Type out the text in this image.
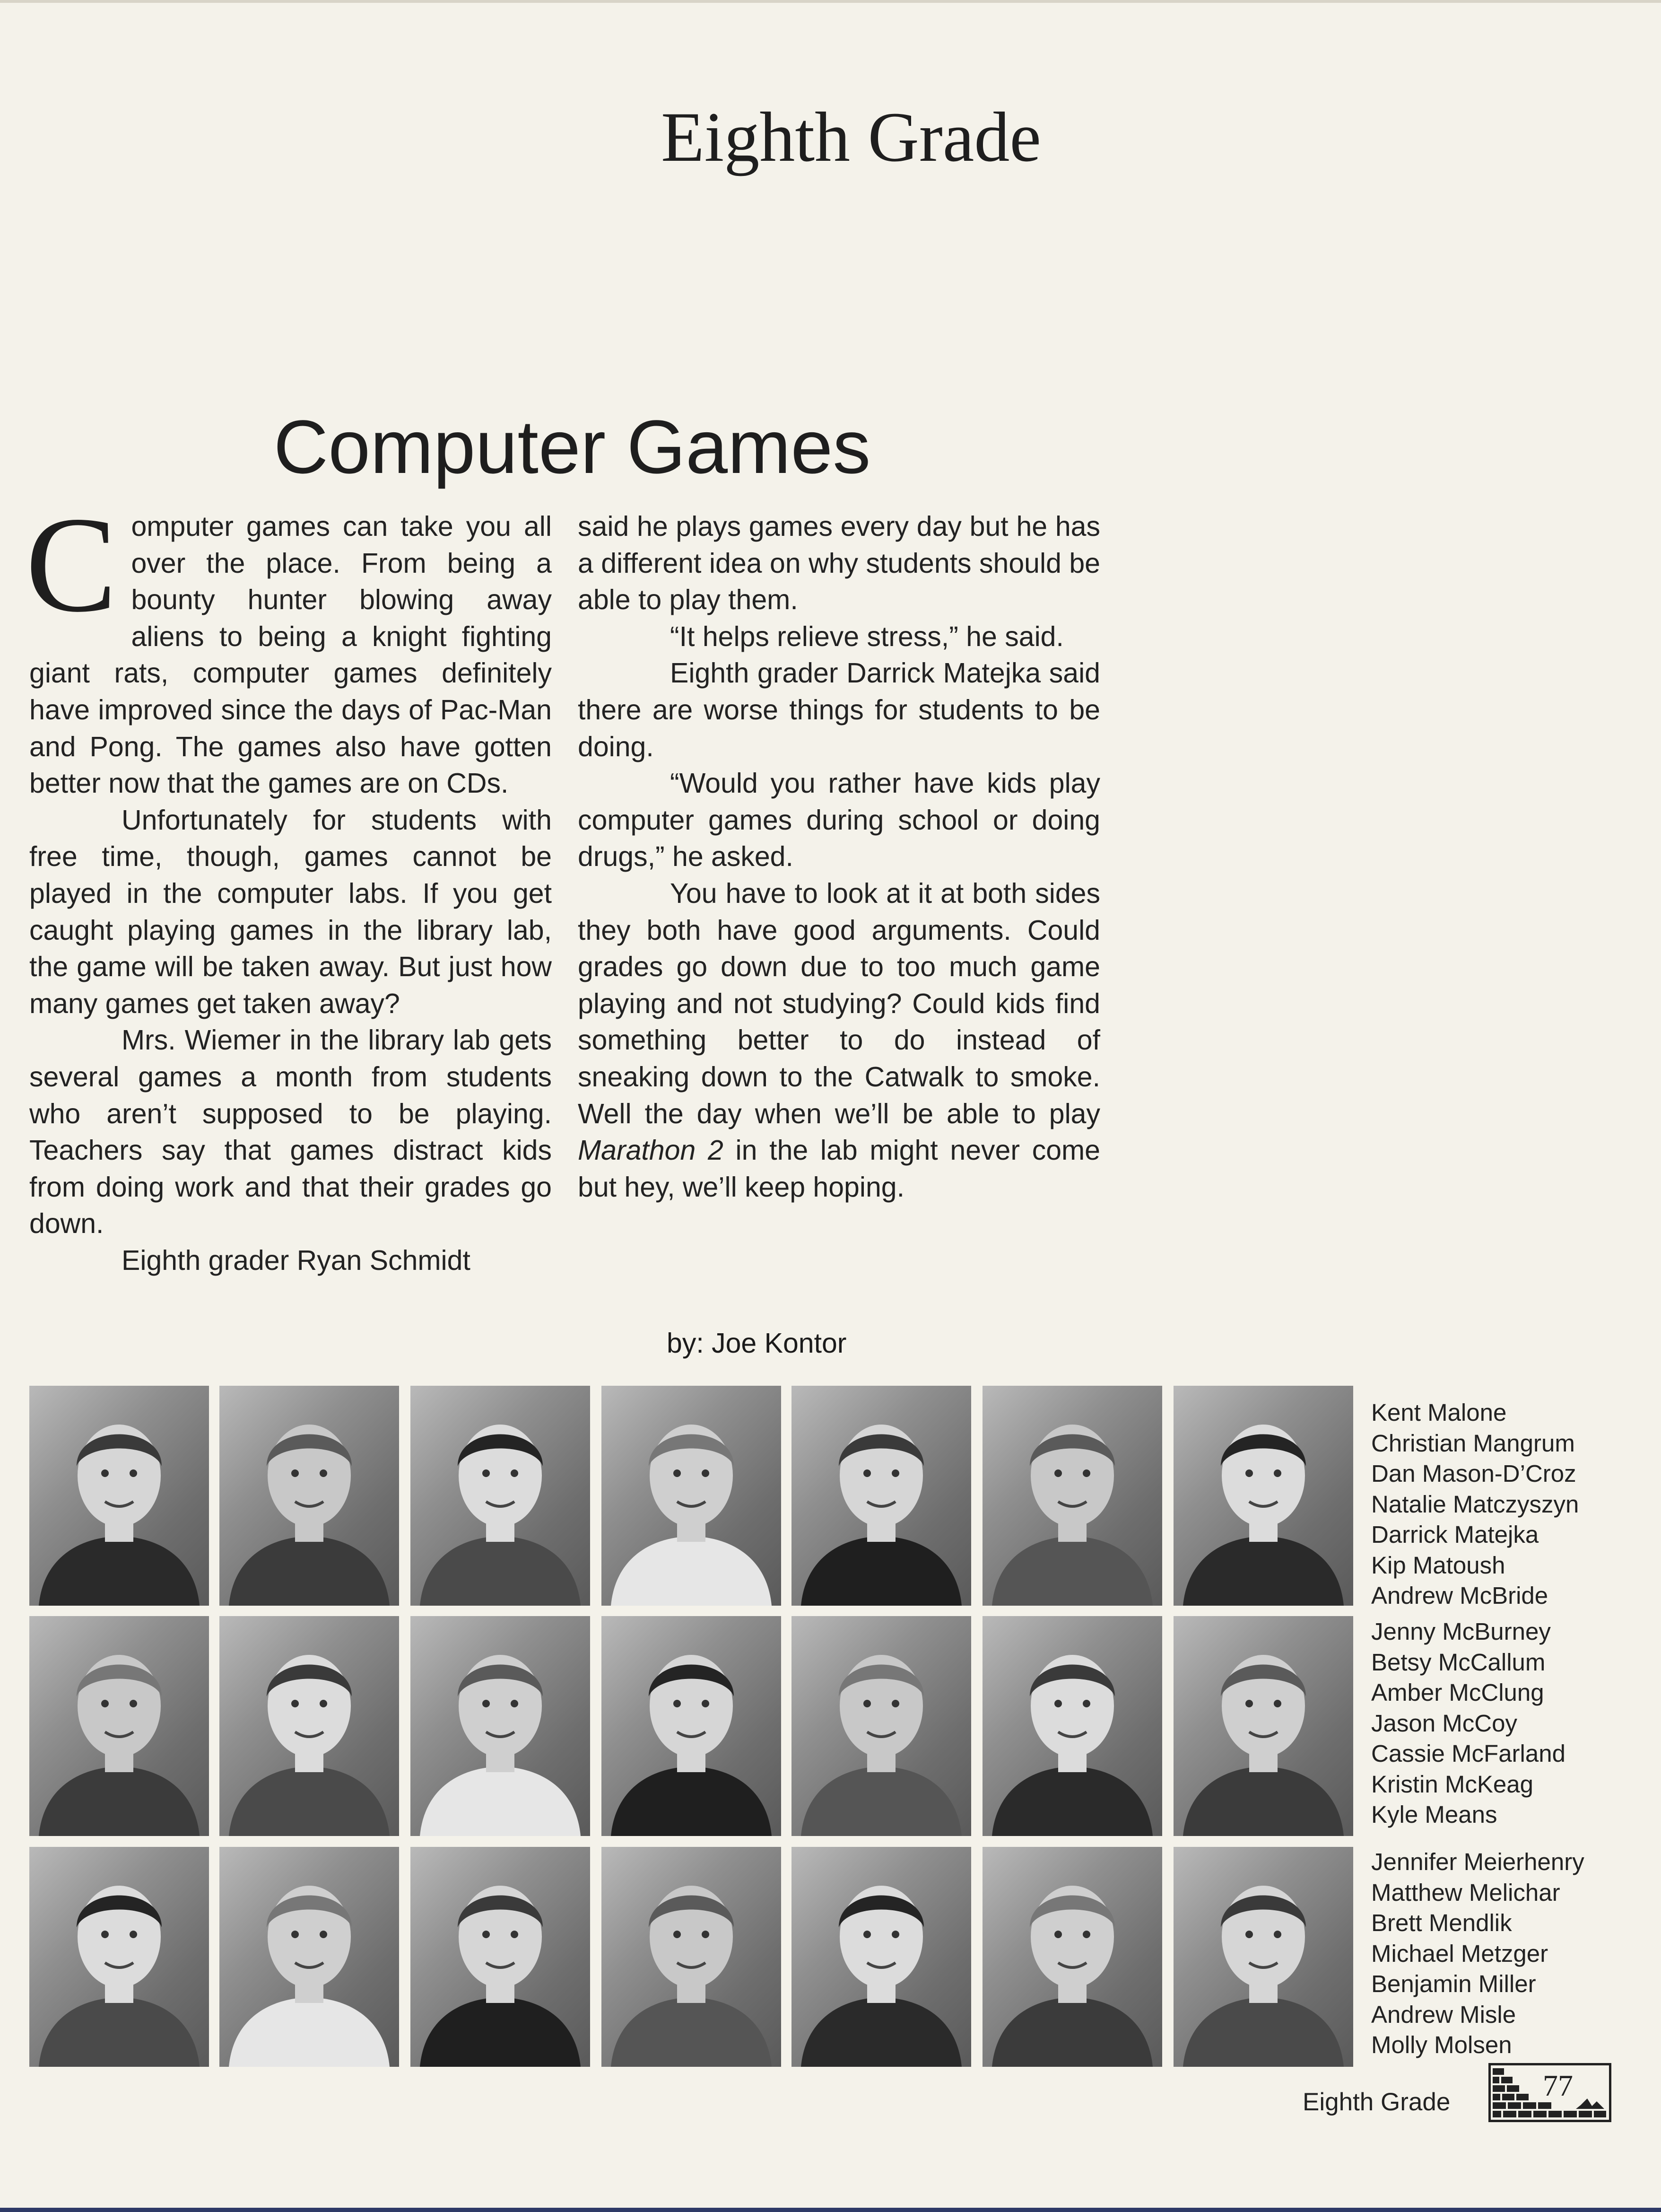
Eighth Grade
Computer Games

Computer games can take you all over the place. From being a bounty hunter blowing away aliens to being a knight fighting giant rats, computer games definitely have improved since the days of Pac-Man and Pong. The games also have gotten better now that the games are on CDs.

Unfortunately for students with free time, though, games cannot be played in the computer labs. If you get caught playing games in the library lab, the game will be taken away. But just how many games get taken away?

Mrs. Wiemer in the library lab gets several games a month from students who aren’t supposed to be playing. Teachers say that games distract kids from doing work and that their grades go down.

Eighth grader Ryan Schmidt

said he plays games every day but he has a different idea on why students should be able to play them.

“It helps relieve stress,” he said.

Eighth grader Darrick Matejka said there are worse things for students to be doing.

“Would you rather have kids play computer games during school or doing drugs,” he asked.

You have to look at it at both sides they both have good arguments. Could grades go down due to too much game playing and not studying? Could kids find something better to do instead of sneaking down to the Catwalk to smoke. Well the day when we’ll be able to play Marathon 2 in the lab might never come but hey, we’ll keep hoping.

by: Joe Kontor
Kent Malone
Christian Mangrum
Dan Mason-D’Croz
Natalie Matczyszyn
Darrick Matejka
Kip Matoush
Andrew McBride
Jenny McBurney
Betsy McCallum
Amber McClung
Jason McCoy
Cassie McFarland
Kristin McKeag
Kyle Means
Jennifer Meierhenry
Matthew Melichar
Brett Mendlik
Michael Metzger
Benjamin Miller
Andrew Misle
Molly Molsen
Eighth Grade	77
